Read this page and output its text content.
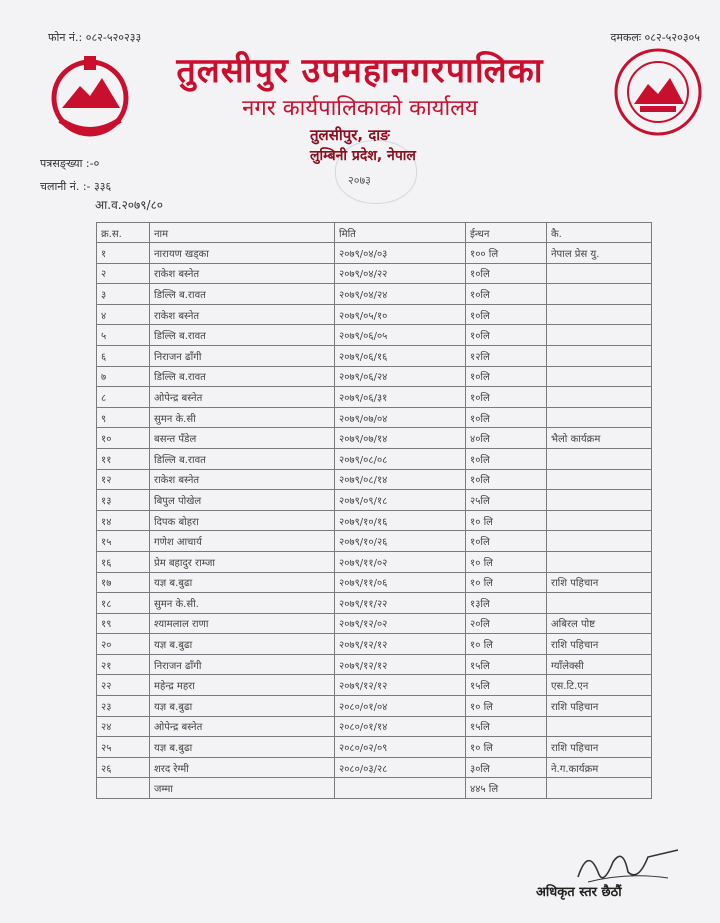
फोन नं.: ०८२-५२०२३३	दमकलः ०८२-५२०३०५
तुलसीपुर उपमहानगरपालिका
नगर कार्यपालिकाको कार्यालय
२०७३
तुलसीपुर, दाङ
लुम्बिनी प्रदेश, नेपाल
पत्रसङ्ख्या :-०
चलानी नं. :- ३३६
आ.व.२०७९/८०
क्र.स.	नाम	मिति	ईन्धन	कै.
१	नारायण खड्का	२०७९/०४/०३	१०० लि	नेपाल प्रेस यु.
२	राकेश बस्नेत	२०७९/०४/२२	१०लि	
३	डिल्लि ब.रावत	२०७९/०४/२४	१०लि	
४	राकेश बस्नेत	२०७९/०५/१०	१०लि	
५	डिल्लि ब.रावत	२०७९/०६/०५	१०लि	
६	निराजन ढाँगी	२०७९/०६/१६	१२लि	
७	डिल्लि ब.रावत	२०७९/०६/२४	१०लि	
८	ओपेन्द्र बस्नेत	२०७९/०६/३१	१०लि	
९	सुमन के.सी	२०७९/०७/०४	१०लि	
१०	बसन्त पँडेल	२०७९/०७/१४	४०लि	भैलो कार्यक्रम
११	डिल्लि ब.रावत	२०७९/०८/०८	१०लि	
१२	राकेश बस्नेत	२०७९/०८/१४	१०लि	
१३	बिपुल पोखेल	२०७९/०९/१८	२५लि	
१४	दिपक बोहरा	२०७९/१०/१६	१० लि	
१५	गणेश आचार्य	२०७९/१०/२६	१०लि	
१६	प्रेम बहादुर राम्जा	२०७९/११/०२	१० लि	
१७	यज्ञ ब.बुढा	२०७९/११/०६	१० लि	राशि पहिचान
१८	सुमन के.सी.	२०७९/११/२२	१३लि	
१९	श्यामलाल राणा	२०७९/१२/०२	२०लि	अबिरल पोष्ट
२०	यज्ञ ब.बुढा	२०७९/१२/१२	१० लि	राशि पहिचान
२१	निराजन ढाँगी	२०७९/१२/१२	१५लि	ग्याँलेक्सी
२२	महेन्द्र महरा	२०७९/१२/१२	१५लि	एस.टि.एन
२३	यज्ञ ब.बुढा	२०८०/०१/०४	१० लि	राशि पहिचान
२४	ओपेन्द्र बस्नेत	२०८०/०१/१४	१५लि	
२५	यज्ञ ब.बुढा	२०८०/०२/०९	१० लि	राशि पहिचान
२६	शरद रेग्मी	२०८०/०३/२८	३०लि	ने.ग.कार्यक्रम
	जम्मा		४४५ लि	
अधिकृत स्तर छैठौं
